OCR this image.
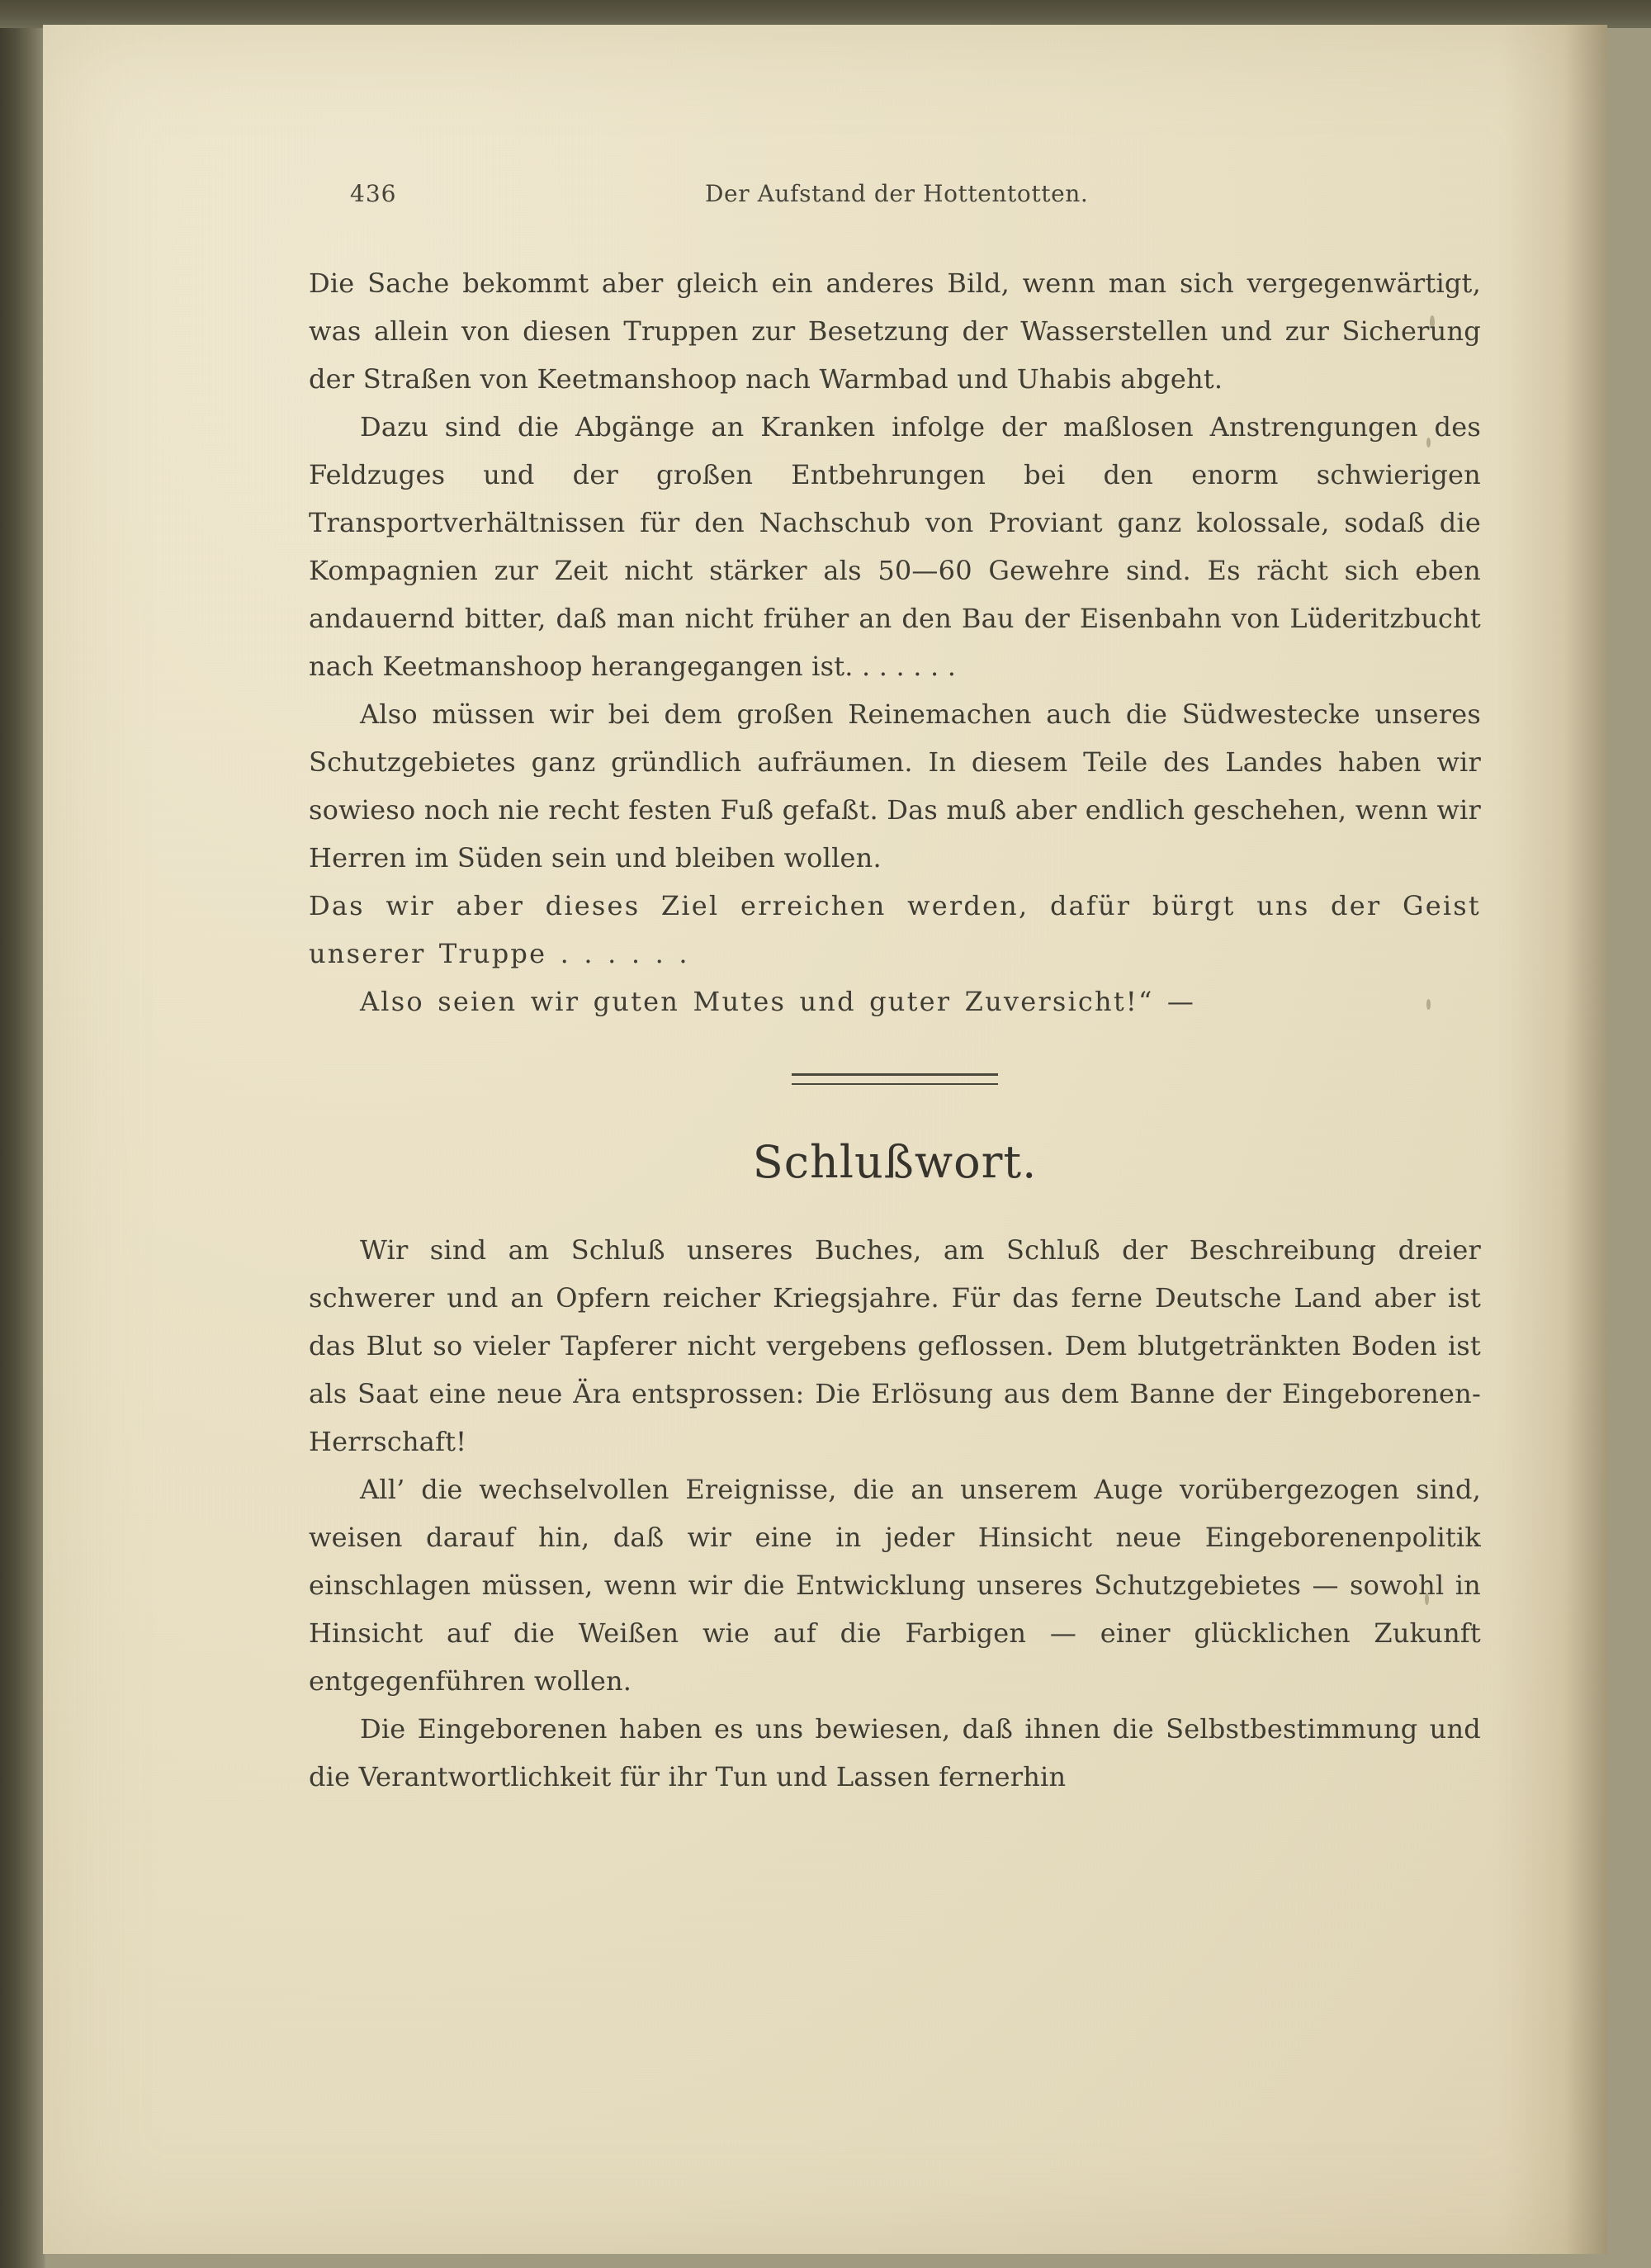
436	Der Aufstand der Hottentotten.

Die Sache bekommt aber gleich ein anderes Bild, wenn man sich vergegenwärtigt, was allein von diesen Truppen zur Besetzung der Wasserstellen und zur Sicherung der Straßen von Keetmanshoop nach Warmbad und Uhabis abgeht.

Dazu sind die Abgänge an Kranken infolge der maßlosen Anstrengungen des Feldzuges und der großen Entbehrungen bei den enorm schwierigen Transportverhältnissen für den Nachschub von Proviant ganz kolossale, sodaß die Kompagnien zur Zeit nicht stärker als 50—60 Gewehre sind. Es rächt sich eben andauernd bitter, daß man nicht früher an den Bau der Eisenbahn von Lüderitzbucht nach Keetmanshoop herangegangen ist. . . . . . .

Also müssen wir bei dem großen Reinemachen auch die Südwestecke unseres Schutzgebietes ganz gründlich aufräumen. In diesem Teile des Landes haben wir sowieso noch nie recht festen Fuß gefaßt. Das muß aber endlich geschehen, wenn wir Herren im Süden sein und bleiben wollen.

Das wir aber dieses Ziel erreichen werden, dafür bürgt uns der Geist unserer Truppe . . . . . .

Also seien wir guten Mutes und guter Zuversicht!“ —

Schlußwort.

Wir sind am Schluß unseres Buches, am Schluß der Beschreibung dreier schwerer und an Opfern reicher Kriegsjahre. Für das ferne Deutsche Land aber ist das Blut so vieler Tapferer nicht vergebens geflossen. Dem blutgetränkten Boden ist als Saat eine neue Ära entsprossen: Die Erlösung aus dem Banne der Eingeborenen-Herrschaft!

All’ die wechselvollen Ereignisse, die an unserem Auge vorübergezogen sind, weisen darauf hin, daß wir eine in jeder Hinsicht neue Eingeborenenpolitik einschlagen müssen, wenn wir die Entwicklung unseres Schutzgebietes — sowohl in Hinsicht auf die Weißen wie auf die Farbigen — einer glücklichen Zukunft entgegenführen wollen.

Die Eingeborenen haben es uns bewiesen, daß ihnen die Selbstbestimmung und die Verantwortlichkeit für ihr Tun und Lassen fernerhin
